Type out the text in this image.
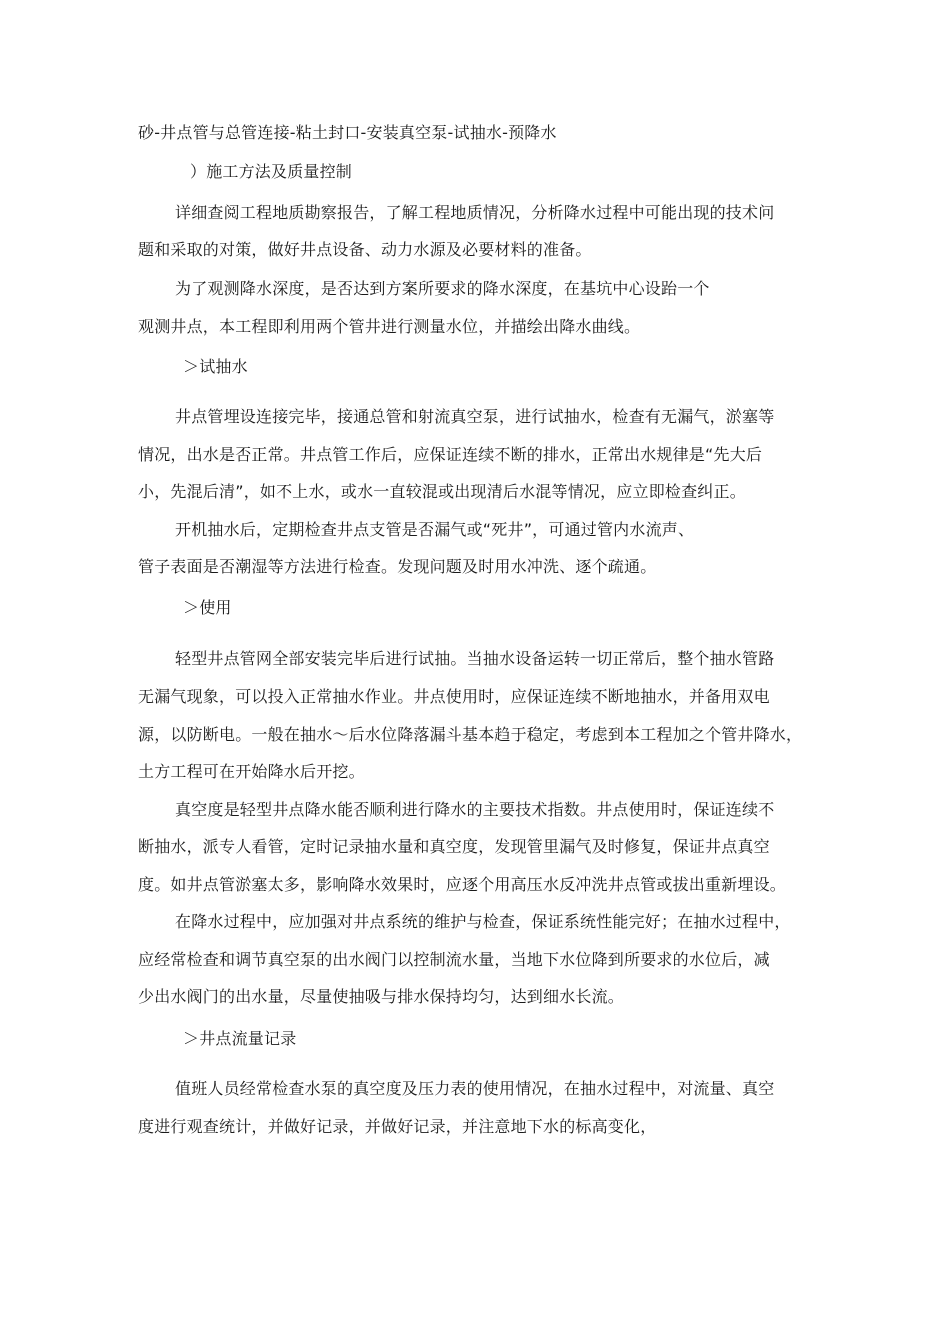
砂-井点管与总管连接-粘土封口-安装真空泵-试抽水-预降水
）施工方法及质量控制
详细查阅工程地质勘察报告，了解工程地质情况，分析降水过程中可能出现的技术问
题和采取的对策，做好井点设备、动力水源及必要材料的准备。
为了观测降水深度，是否达到方案所要求的降水深度，在基坑中心设跆一个
观测井点，本工程即利用两个管井进行测量水位，并描绘出降水曲线。
＞试抽水
井点管埋设连接完毕，接通总管和射流真空泵，进行试抽水，检查有无漏气，淤塞等
情况，出水是否正常。井点管工作后，应保证连续不断的排水，正常出水规律是“先大后
小，先混后清”，如不上水，或水一直较混或出现清后水混等情况，应立即检查纠正。
开机抽水后，定期检查井点支管是否漏气或“死井”，可通过管内水流声、
管子表面是否潮湿等方法进行检查。发现问题及时用水冲洗、逐个疏通。
＞使用
轻型井点管网全部安装完毕后进行试抽。当抽水设备运转一切正常后，整个抽水管路
无漏气现象，可以投入正常抽水作业。井点使用时，应保证连续不断地抽水，并备用双电
源，以防断电。一般在抽水〜后水位降落漏斗基本趋于稳定，考虑到本工程加之个管井降水，
土方工程可在开始降水后开挖。
真空度是轻型井点降水能否顺利进行降水的主要技术指数。井点使用时，保证连续不
断抽水，派专人看管，定时记录抽水量和真空度，发现管里漏气及时修复，保证井点真空
度。如井点管淤塞太多，影响降水效果时，应逐个用高压水反冲洗井点管或拔出重新埋设。
在降水过程中，应加强对井点系统的维护与检查，保证系统性能完好；在抽水过程中，
应经常检查和调节真空泵的出水阀门以控制流水量，当地下水位降到所要求的水位后，减
少出水阀门的出水量，尽量使抽吸与排水保持均匀，达到细水长流。
＞井点流量记录
值班人员经常检查水泵的真空度及压力表的使用情况，在抽水过程中，对流量、真空
度进行观查统计，并做好记录，并做好记录，并注意地下水的标高变化，
